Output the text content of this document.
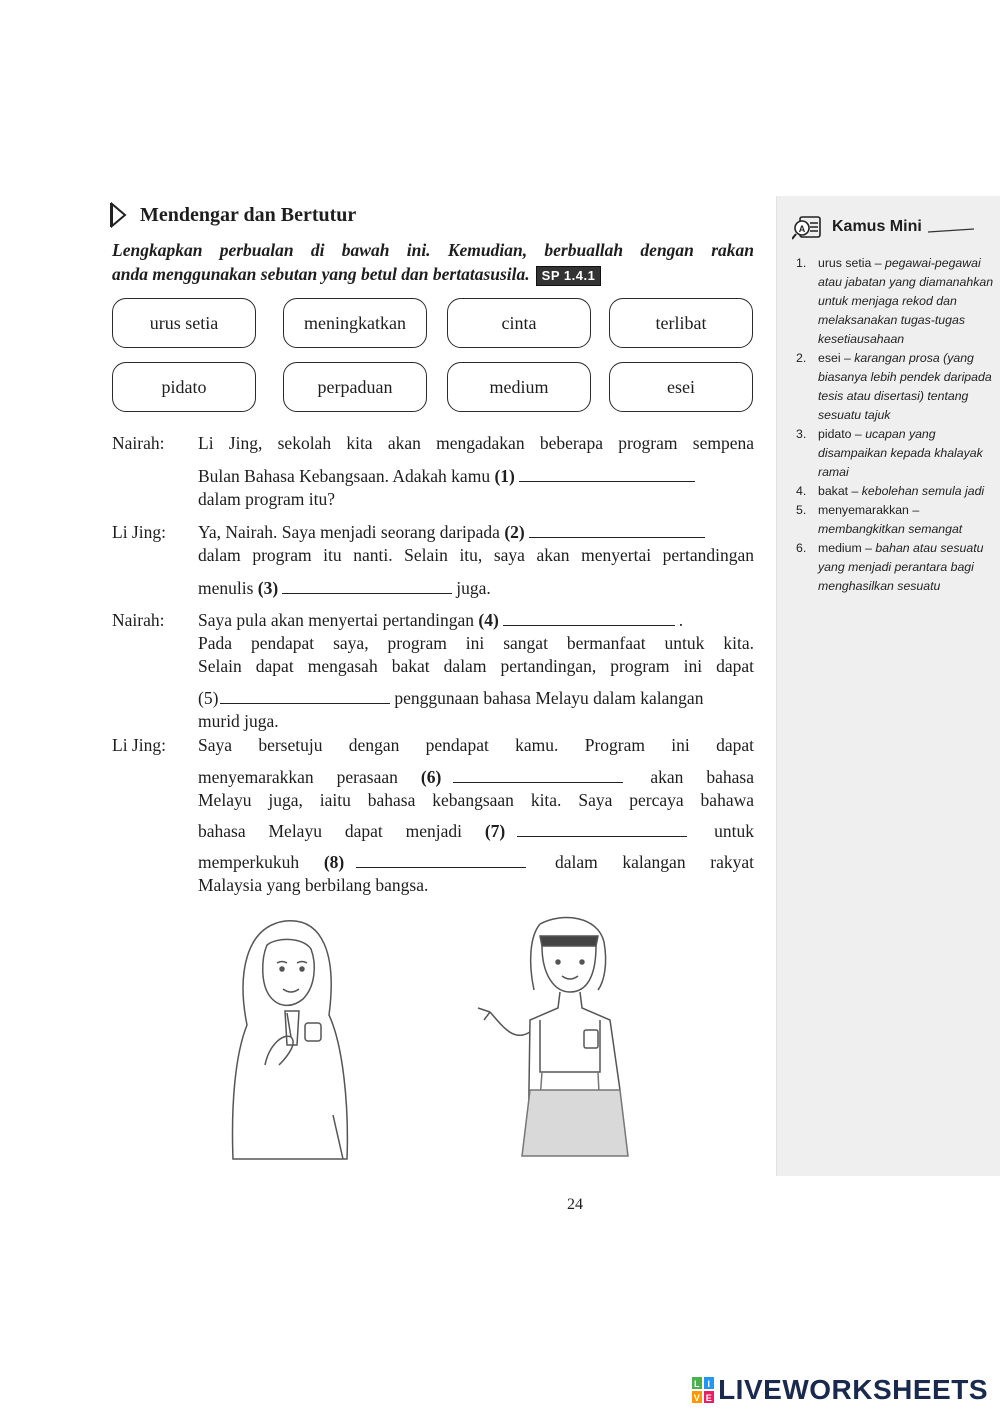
Mendengar dan Bertutur
Lengkapkan perbualan di bawah ini. Kemudian, berbuallah dengan rakan
anda menggunakan sebutan yang betul dan bertatasusila. SP 1.4.1
urus setia	meningkatkan	cinta	terlibat
pidato	perpaduan	medium	esei
Nairah: Li Jing, sekolah kita akan mengadakan beberapa program sempena
Bulan Bahasa Kebangsaan. Adakah kamu (1)
dalam program itu?
Li Jing: Ya, Nairah. Saya menjadi seorang daripada (2)
dalam program itu nanti. Selain itu, saya akan menyertai pertandingan
menulis (3)	juga.
Nairah: Saya pula akan menyertai pertandingan (4)	.
Pada pendapat saya, program ini sangat bermanfaat untuk kita.
Selain dapat mengasah bakat dalam pertandingan, program ini dapat
(5)	penggunaan bahasa Melayu dalam kalangan
murid juga.
Li Jing: Saya bersetuju dengan pendapat kamu. Program ini dapat
menyemarakkan perasaan (6)	akan bahasa
Melayu juga, iaitu bahasa kebangsaan kita. Saya percaya bahawa
bahasa Melayu dapat menjadi (7)	untuk
memperkukuh (8)	dalam kalangan rakyat
Malaysia yang berbilang bangsa.
A Kamus Mini
1. urus setia – pegawai-pegawai atau jabatan yang diamanahkan untuk menjaga rekod dan melaksanakan tugas-tugas kesetiausahaan
2. esei – karangan prosa (yang biasanya lebih pendek daripada tesis atau disertasi) tentang sesuatu tajuk
3. pidato – ucapan yang disampaikan kepada khalayak ramai
4. bakat – kebolehan semula jadi
5. menyemarakkan – membangkitkan semangat
6. medium – bahan atau sesuatu yang menjadi perantara bagi menghasilkan sesuatu
24
L I
V E LIVEWORKSHEETS
